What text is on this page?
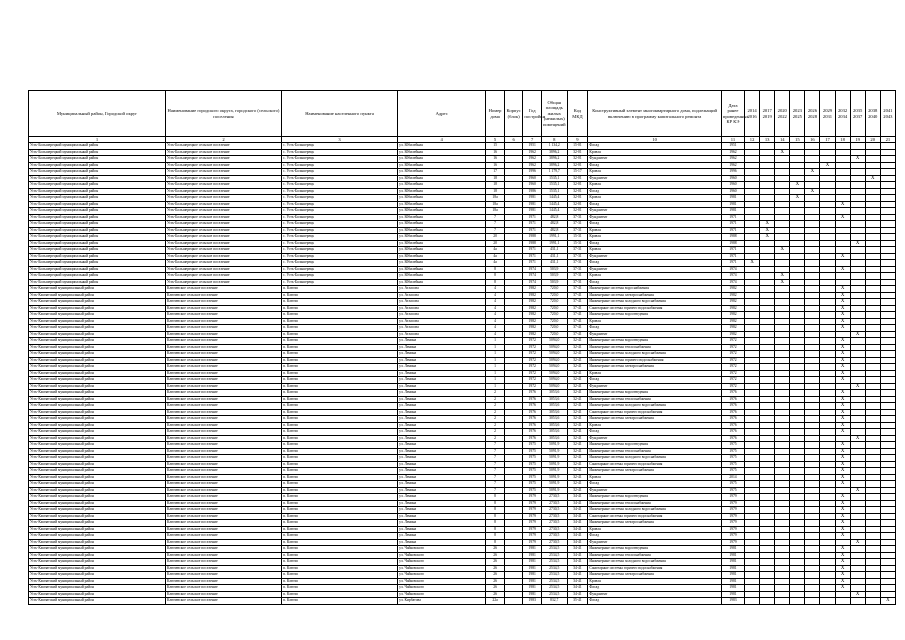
Муниципальный район, Городской округ	Наименование городского округа, городского (сельского) поселения	Наименование населенного пункта	Адрес	Номер дома	Корпус (блок)	Год постройки	Общая площадь жилых (нежилых) помещений	Код МКД	Конструктивный элемент многоквартирного дома, подлежащий включению в программу капитального ремонта	Дата ранее проведенных КР КЭ	2014 2016	2017 2019	2020 2022	2023 2025	2026 2028	2029 2031	2032 2034	2035 2037	2038 2040	2041 2043
1	2	3	4	5	6	7	8	9	10	11	12	13	14	15	16	17	18	19	20	21
Усть-Большерецкий муниципальный район	Усть-Большерецкое сельское поселение	с. Усть-Большерецк	ул. Юбилейная	15		1951	1 134,2	15-01	Фасад	1951										
Усть-Большерецкий муниципальный район	Усть-Большерецкое сельское поселение	с. Усть-Большерецк	ул. Юбилейная	16		1962	3896,2	32-01	Кровля	1962			X							
Усть-Большерецкий муниципальный район	Усть-Большерецкое сельское поселение	с. Усть-Большерецк	ул. Юбилейная	16		1962	3896,2	32-01	Фундамент	1962								X		
Усть-Большерецкий муниципальный район	Усть-Большерецкое сельское поселение	с. Усть-Большерецк	ул. Юбилейная	16		1962	3896,2	32-01	Фасад	1962						X				
Усть-Большерецкий муниципальный район	Усть-Большерецкое сельское поселение	с. Усть-Большерецк	ул. Юбилейная	17		1996	1 179,7	15-17	Кровля	1996					X					
Усть-Большерецкий муниципальный район	Усть-Большерецкое сельское поселение	с. Усть-Большерецк	ул. Юбилейная	18		1960	1535,1	32-01	Фундамент	1960									X	
Усть-Большерецкий муниципальный район	Усть-Большерецкое сельское поселение	с. Усть-Большерецк	ул. Юбилейная	18		1960	1535,1	32-01	Кровля	1960				X						
Усть-Большерецкий муниципальный район	Усть-Большерецкое сельское поселение	с. Усть-Большерецк	ул. Юбилейная	18		1986	1535,1	32-01	Фасад	1960					X					
Усть-Большерецкий муниципальный район	Усть-Большерецкое сельское поселение	с. Усть-Большерецк	ул. Юбилейная	18а		1981	1445,4	32-01	Кровля	1981				X						
Усть-Большерецкий муниципальный район	Усть-Большерецкое сельское поселение	с. Усть-Большерецк	ул. Юбилейная	18а		1981	1445,4	32-01	Фасад	1981							X			
Усть-Большерецкий муниципальный район	Усть-Большерецкое сельское поселение	с. Усть-Большерецк	ул. Юбилейная	18а		1981	1445,4	32-01	Фундамент	1981										
Усть-Большерецкий муниципальный район	Усть-Большерецкое сельское поселение	с. Усть-Большерецк	ул. Юбилейная	7		1971	482,8	37-31	Фундамент	1971							X			
Усть-Большерецкий муниципальный район	Усть-Большерецкое сельское поселение	с. Усть-Большерецк	ул. Юбилейная	7		1971	482,8	37-31	Фасад	1971		X								
Усть-Большерецкий муниципальный район	Усть-Большерецкое сельское поселение	с. Усть-Большерецк	ул. Юбилейная	7		1971	482,8	37-31	Кровля	1971		X								
Усть-Большерецкий муниципальный район	Усть-Большерецкое сельское поселение	с. Усть-Большерецк	ул. Юбилейная	20		1988	1991,1	15-31	Кровля	1988		X								
Усть-Большерецкий муниципальный район	Усть-Большерецкое сельское поселение	с. Усть-Большерецк	ул. Юбилейная	20		1988	1991,1	15-31	Фасад	1988								X		
Усть-Большерецкий муниципальный район	Усть-Большерецкое сельское поселение	с. Усть-Большерецк	ул. Юбилейная	4а		1971	431,1	37-31	Кровля	1971			X							
Усть-Большерецкий муниципальный район	Усть-Большерецкое сельское поселение	с. Усть-Большерецк	ул. Юбилейная	4а		1971	431,1	37-31	Фундамент	1971							X			
Усть-Большерецкий муниципальный район	Усть-Большерецкое сельское поселение	с. Усть-Большерецк	ул. Юбилейная	4а		1971	431,1	37-31	Фасад	1971	X									
Усть-Большерецкий муниципальный район	Усть-Большерецкое сельское поселение	с. Усть-Большерецк	ул. Юбилейная	8		1974	503,9	37-31	Фундамент	1974							X			
Усть-Большерецкий муниципальный район	Усть-Большерецкое сельское поселение	с. Усть-Большерецк	ул. Юбилейная	8		1974	503,9	37-31	Кровля	1974			X							
Усть-Большерецкий муниципальный район	Усть-Большерецкое сельское поселение	с. Усть-Большерецк	ул. Юбилейная	8		1974	503,9	37-31	Фасад	1974			X							
Усть-Камчатский муниципальный район	Ключевское сельское поселение	п. Ключи	ул. Атласова	4		1982	720,0	37-41	Инженерные системы водоснабжения	1982							X			
Усть-Камчатский муниципальный район	Ключевское сельское поселение	п. Ключи	ул. Атласова	4		1982	720,0	37-41	Инженерные системы электроснабжения	1982							X			
Усть-Камчатский муниципальный район	Ключевское сельское поселение	п. Ключи	ул. Атласова	4		1982	720,0	37-41	Инженерные системы холодного водоснабжения	1982							X			
Усть-Камчатский муниципальный район	Ключевское сельское поселение	п. Ключи	ул. Атласова	4		1982	720,0	37-41	Санитарные системы горячего водоснабжения	1982							X			
Усть-Камчатский муниципальный район	Ключевское сельское поселение	п. Ключи	ул. Атласова	4		1982	720,0	37-41	Инженерные системы водоотведения	1982							X			
Усть-Камчатский муниципальный район	Ключевское сельское поселение	п. Ключи	ул. Атласова	4		1982	720,0	37-41	Кровля	1982							X			
Усть-Камчатский муниципальный район	Ключевское сельское поселение	п. Ключи	ул. Атласова	4		1982	720,0	37-41	Фасад	1982							X			
Усть-Камчатский муниципальный район	Ключевское сельское поселение	п. Ключи	ул. Атласова	4		1982	720,0	37-41	Фундамент	1982								X		
Усть-Камчатский муниципальный район	Ключевское сельское поселение	п. Ключи	ул. Ленина	1		1972	5094,0	32-41	Инженерные системы водоотведения	1972							X			
Усть-Камчатский муниципальный район	Ключевское сельское поселение	п. Ключи	ул. Ленина	1		1972	5094,0	32-41	Инженерные системы теплоснабжения	1972							X			
Усть-Камчатский муниципальный район	Ключевское сельское поселение	п. Ключи	ул. Ленина	1		1972	5094,0	32-41	Инженерные системы холодного водоснабжения	1972							X			
Усть-Камчатский муниципальный район	Ключевское сельское поселение	п. Ключи	ул. Ленина	1		1972	5094,0	32-41	Инженерные системы горячего водоснабжения	1972							X			
Усть-Камчатский муниципальный район	Ключевское сельское поселение	п. Ключи	ул. Ленина	1		1972	5094,0	32-41	Инженерные системы электроснабжения	1972							X			
Усть-Камчатский муниципальный район	Ключевское сельское поселение	п. Ключи	ул. Ленина	1		1972	5094,0	32-41	Кровля	1972							X			
Усть-Камчатский муниципальный район	Ключевское сельское поселение	п. Ключи	ул. Ленина	1		1972	5094,0	32-41	Фасад	1972							X			
Усть-Камчатский муниципальный район	Ключевское сельское поселение	п. Ключи	ул. Ленина	1		1972	5094,0	32-41	Фундамент	1972								X		
Усть-Камчатский муниципальный район	Ключевское сельское поселение	п. Ключи	ул. Ленина	2		1976	3053,6	32-41	Инженерные системы водоотведения	1976							X			
Усть-Камчатский муниципальный район	Ключевское сельское поселение	п. Ключи	ул. Ленина	2		1976	3053,6	32-41	Инженерные системы теплоснабжения	1976							X			
Усть-Камчатский муниципальный район	Ключевское сельское поселение	п. Ключи	ул. Ленина	2		1976	3053,6	32-41	Инженерные системы холодного водоснабжения	1976							X			
Усть-Камчатский муниципальный район	Ключевское сельское поселение	п. Ключи	ул. Ленина	2		1976	3053,6	32-41	Санитарные системы горячего водоснабжения	1976							X			
Усть-Камчатский муниципальный район	Ключевское сельское поселение	п. Ключи	ул. Ленина	2		1976	3053,6	32-41	Инженерные системы электроснабжения	1976							X			
Усть-Камчатский муниципальный район	Ключевское сельское поселение	п. Ключи	ул. Ленина	2		1976	3053,6	32-41	Кровля	1976							X			
Усть-Камчатский муниципальный район	Ключевское сельское поселение	п. Ключи	ул. Ленина	2		1976	3053,6	32-41	Фасад	1976							X			
Усть-Камчатский муниципальный район	Ключевское сельское поселение	п. Ключи	ул. Ленина	2		1976	3053,6	32-41	Фундамент	1976								X		
Усть-Камчатский муниципальный район	Ключевское сельское поселение	п. Ключи	ул. Ленина	7		1975	5091,9	32-41	Инженерные системы водоотведения	1975							X			
Усть-Камчатский муниципальный район	Ключевское сельское поселение	п. Ключи	ул. Ленина	7		1975	5091,9	32-41	Инженерные системы теплоснабжения	1975							X			
Усть-Камчатский муниципальный район	Ключевское сельское поселение	п. Ключи	ул. Ленина	7		1975	5091,9	32-41	Инженерные системы холодного водоснабжения	1975							X			
Усть-Камчатский муниципальный район	Ключевское сельское поселение	п. Ключи	ул. Ленина	7		1975	5091,9	32-41	Санитарные системы горячего водоснабжения	1975							X			
Усть-Камчатский муниципальный район	Ключевское сельское поселение	п. Ключи	ул. Ленина	7		1975	5091,9	32-41	Инженерные системы электроснабжения	1975							X			
Усть-Камчатский муниципальный район	Ключевское сельское поселение	п. Ключи	ул. Ленина	7		1975	5091,9	32-41	Кровля	2014							X			
Усть-Камчатский муниципальный район	Ключевское сельское поселение	п. Ключи	ул. Ленина	7		1975	5091,9	32-41	Фасад	1975							X			
Усть-Камчатский муниципальный район	Ключевское сельское поселение	п. Ключи	ул. Ленина	7		1975	5091,9	32-41	Фундамент	1975								X		
Усть-Камчатский муниципальный район	Ключевское сельское поселение	п. Ключи	ул. Ленина	8		1979	2730,5	34-41	Инженерные системы водоотведения	1979							X			
Усть-Камчатский муниципальный район	Ключевское сельское поселение	п. Ключи	ул. Ленина	8		1979	2730,5	34-41	Инженерные системы теплоснабжения	1979							X			
Усть-Камчатский муниципальный район	Ключевское сельское поселение	п. Ключи	ул. Ленина	8		1979	2730,5	34-41	Инженерные системы холодного водоснабжения	1979							X			
Усть-Камчатский муниципальный район	Ключевское сельское поселение	п. Ключи	ул. Ленина	8		1979	2730,5	34-41	Санитарные системы горячего водоснабжения	1979							X			
Усть-Камчатский муниципальный район	Ключевское сельское поселение	п. Ключи	ул. Ленина	8		1979	2730,5	34-41	Инженерные системы электроснабжения	1979							X			
Усть-Камчатский муниципальный район	Ключевское сельское поселение	п. Ключи	ул. Ленина	8		1979	2730,5	34-41	Кровля	1979							X			
Усть-Камчатский муниципальный район	Ключевское сельское поселение	п. Ключи	ул. Ленина	8		1979	2730,5	34-41	Фасад	1979							X			
Усть-Камчатский муниципальный район	Ключевское сельское поселение	п. Ключи	ул. Ленина	8		1979	2730,5	34-41	Фундамент	1979								X		
Усть-Камчатский муниципальный район	Ключевское сельское поселение	п. Ключи	ул. Чайковского	26		1981	2534,5	34-41	Инженерные системы водоотведения	1981							X			
Усть-Камчатский муниципальный район	Ключевское сельское поселение	п. Ключи	ул. Чайковского	26		1981	2534,5	34-41	Инженерные системы теплоснабжения	1981							X			
Усть-Камчатский муниципальный район	Ключевское сельское поселение	п. Ключи	ул. Чайковского	26		1981	2534,5	34-41	Инженерные системы холодного водоснабжения	1981							X			
Усть-Камчатский муниципальный район	Ключевское сельское поселение	п. Ключи	ул. Чайковского	26		1981	2534,5	34-41	Санитарные системы горячего водоснабжения	1981							X			
Усть-Камчатский муниципальный район	Ключевское сельское поселение	п. Ключи	ул. Чайковского	26		1981	2534,5	34-41	Инженерные системы электроснабжения	1981							X			
Усть-Камчатский муниципальный район	Ключевское сельское поселение	п. Ключи	ул. Чайковского	26		1981	2534,5	34-41	Кровля	1981							X			
Усть-Камчатский муниципальный район	Ключевское сельское поселение	п. Ключи	ул. Чайковского	26		1981	2534,5	34-41	Фасад	1981							X			
Усть-Камчатский муниципальный район	Ключевское сельское поселение	п. Ключи	ул. Чайковского	26		1981	2534,5	34-41	Фундамент	1981								X		
Усть-Камчатский муниципальный район	Ключевское сельское поселение	п. Ключи	ул. Кирбатова	22а		1983	832,7	35-41	Фасад	1983										X
